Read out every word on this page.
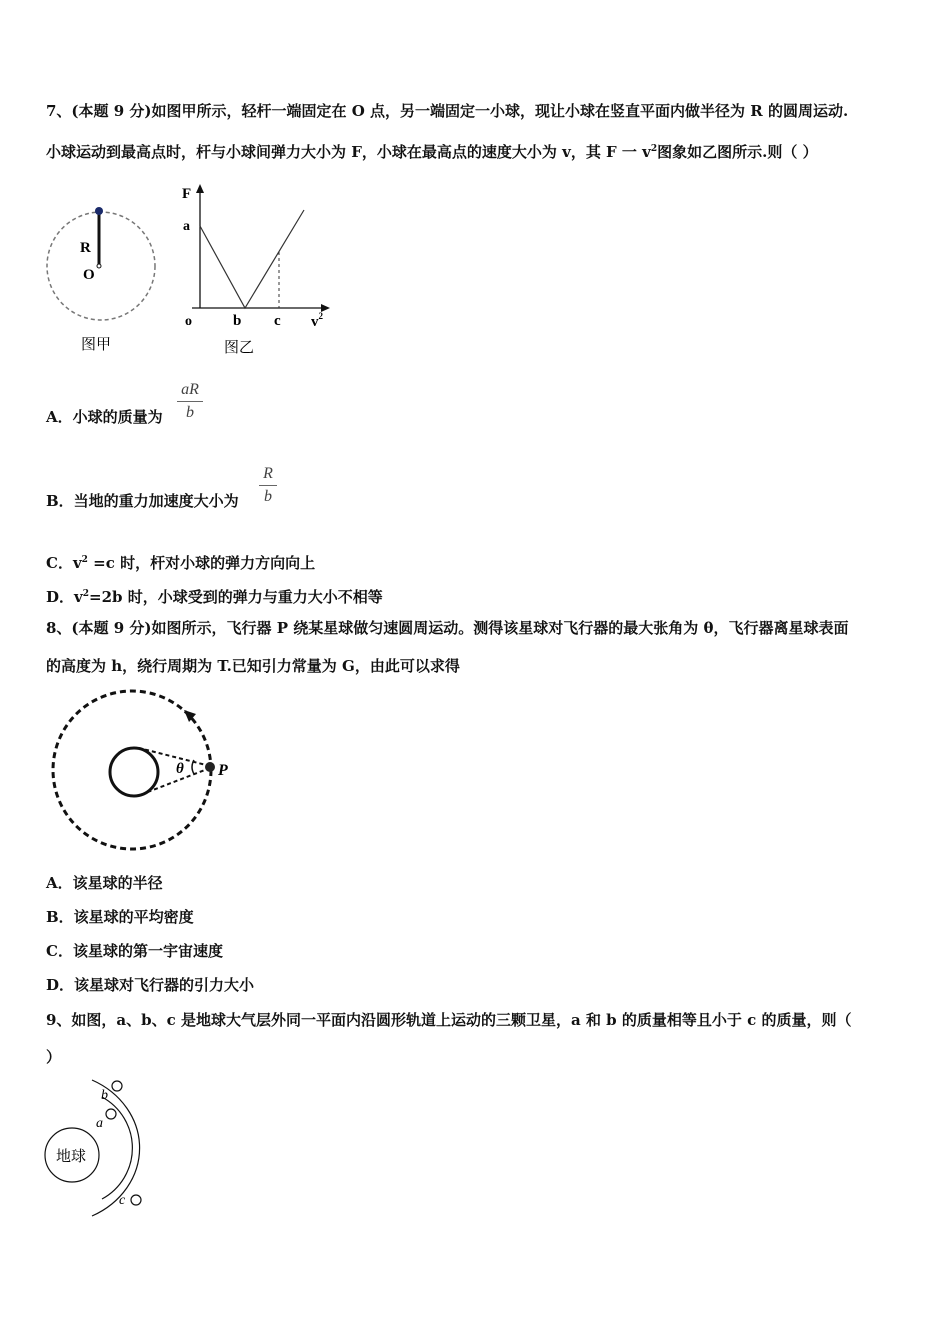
7、(本题 9 分)如图甲所示，轻杆一端固定在 O 点，另一端固定一小球，现让小球在竖直平面内做半径为 R 的圆周运动.
小球运动到最高点时，杆与小球间弹力大小为 F，小球在最高点的速度大小为 v，其 F 一 $v^2$图象如乙图所示.则（ ）
R
O
图甲
F
a
o	b c $v^2$
图乙
A．小球的质量为
aR
b
B．当地的重力加速度大小为
R
b
C．$v^2 =c$ 时，杆对小球的弹力方向向上
D．$v^2=2b$ 时，小球受到的弹力与重力大小不相等
8、(本题 9 分)如图所示，飞行器 P 绕某星球做匀速圆周运动。测得该星球对飞行器的最大张角为 θ，飞行器离星球表面
的高度为 h，绕行周期为 T.已知引力常量为 G，由此可以求得
θ P
A．该星球的半径
B．该星球的平均密度
C．该星球的第一宇宙速度
D．该星球对飞行器的引力大小
9、如图，a、b、c 是地球大气层外同一平面内沿圆形轨道上运动的三颗卫星，a 和 b 的质量相等且小于 c 的质量，则（
）
地球
b
a
c
